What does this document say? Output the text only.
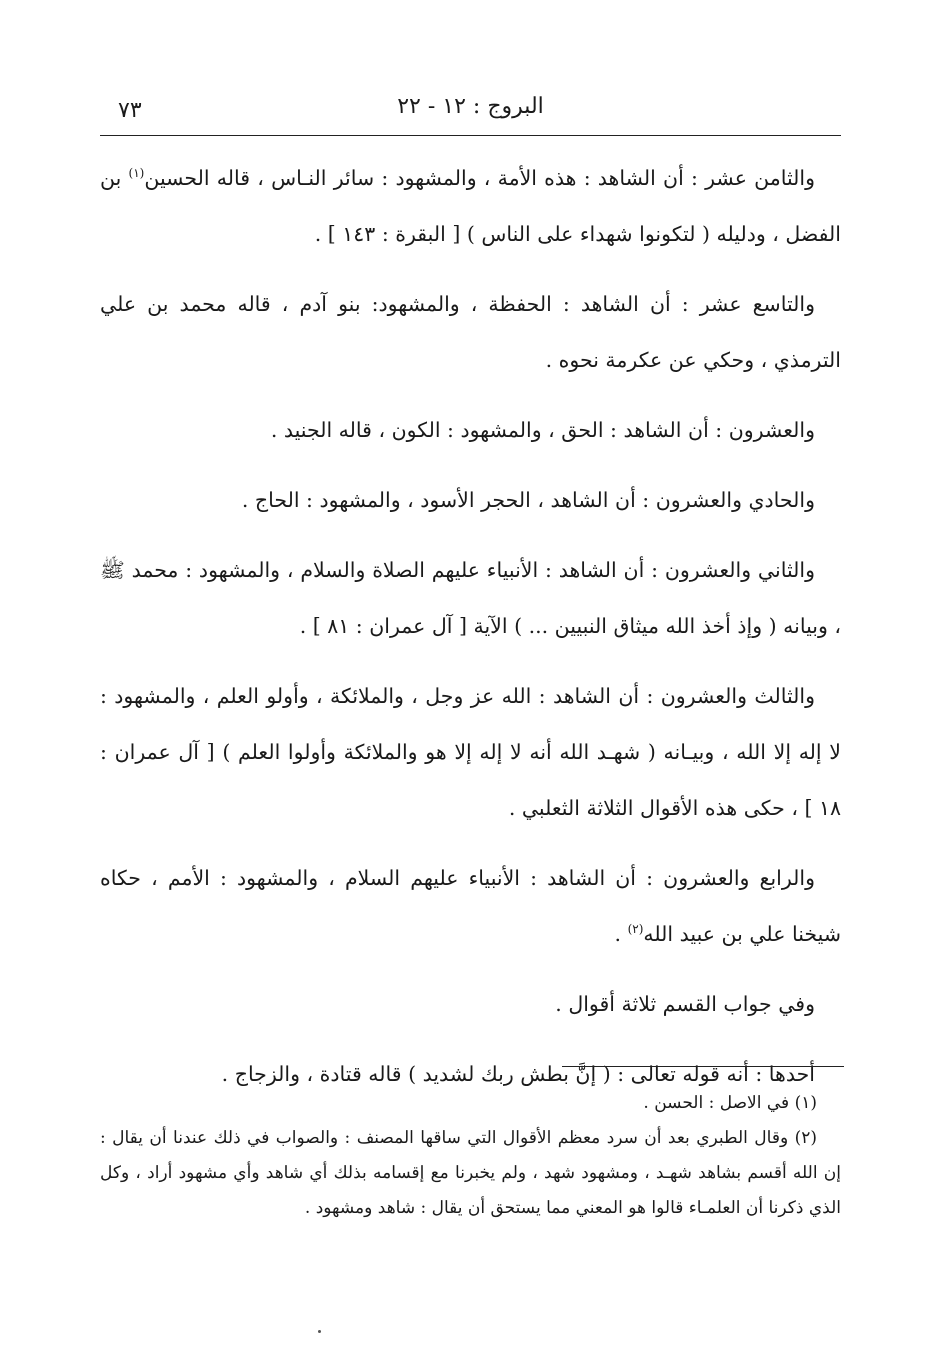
٧٣	البروج : ١٢ - ٢٢

والثامن عشر : أن الشاهد : هذه الأمة ، والمشهود : سائر النـاس ، قاله الحسين$^{(١)}$ بن الفضل ، ودليله ( لتكونوا شهداء على الناس ) [ البقرة : ١٤٣ ] .

والتاسع عشر : أن الشاهد : الحفظة ، والمشهود: بنو آدم ، قاله محمد بن علي الترمذي ، وحكي عن عكرمة نحوه .

والعشرون : أن الشاهد : الحق ، والمشهود : الكون ، قاله الجنيد .

والحادي والعشرون : أن الشاهد ، الحجر الأسود ، والمشهود : الحاج .

والثاني والعشرون : أن الشاهد : الأنبياء عليهم الصلاة والسلام ، والمشهود : محمد ﷺ ، وبيانه ( وإذ أخذ الله ميثاق النبيين ... ) الآية [ آل عمران : ٨١ ] .

والثالث والعشرون : أن الشاهد : الله عز وجل ، والملائكة ، وأولو العلم ، والمشهود : لا إله إلا الله ، وبيـانه ( شهـد الله أنه لا إله إلا هو والملائكة وأولوا العلم ) [ آل عمران : ١٨ ] ، حكى هذه الأقوال الثلاثة الثعلبي .

والرابع والعشرون : أن الشاهد : الأنبياء عليهم السلام ، والمشهود : الأمم ، حكاه شيخنا علي بن عبيد الله$^{(٢)}$ .

وفي جواب القسم ثلاثة أقوال .

أحدها : أنه قوله تعالى : ( إنَّ بطش ربك لشديد ) قاله قتادة ، والزجاج .

(١) في الاصل : الحسن .

(٢) وقال الطبري بعد أن سرد معظم الأقوال التي ساقها المصنف : والصواب في ذلك عندنا أن يقال : إن الله أقسم بشاهد شهـد ، ومشهود شهد ، ولم يخبرنا مع إقسامه بذلك أي شاهد وأي مشهود أراد ، وكل الذي ذكرنا أن العلمـاء قالوا هو المعني مما يستحق أن يقال : شاهد ومشهود .
